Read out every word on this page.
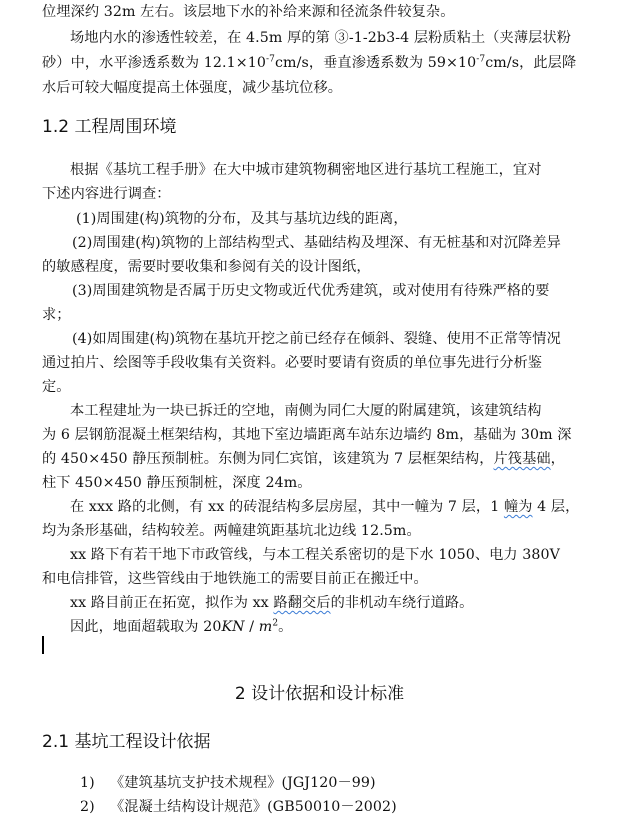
位埋深约 32m 左右。该层地下水的补给来源和径流条件较复杂。
场地内水的渗透性较差，在 4.5m 厚的第 ③-1-2b3-4 层粉质粘土（夹薄层状粉
砂）中，水平渗透系数为 $12.1\times 10^{-7}cm/s$，垂直渗透系数为 $59\times 10^{-7}cm/s$，此层降
水后可较大幅度提高土体强度，减少基坑位移。
1.2 工程周围环境
根据《基坑工程手册》在大中城市建筑物稠密地区进行基坑工程施工，宜对
下述内容进行调查：
(1)周围建(构)筑物的分布，及其与基坑边线的距离，
(2)周围建(构)筑物的上部结构型式、基础结构及埋深、有无桩基和对沉降差异
的敏感程度，需要时要收集和参阅有关的设计图纸，
(3)周围建筑物是否属于历史文物或近代优秀建筑，或对使用有待殊严格的要
求；
(4)如周围建(构)筑物在基坑开挖之前已经存在倾斜、裂缝、使用不正常等情况
通过拍片、绘图等手段收集有关资料。必要时要请有资质的单位事先进行分析鉴
定。
本工程建址为一块已拆迁的空地，南侧为同仁大厦的附属建筑，该建筑结构
为 6 层钢筋混凝土框架结构，其地下室边墙距离车站东边墙约 8m，基础为 30m 深
的 450×450 静压预制桩。东侧为同仁宾馆，该建筑为 7 层框架结构，片筏基础，
柱下 450×450 静压预制桩，深度 24m。
在 xxx 路的北侧，有 xx 的砖混结构多层房屋，其中一幢为 7 层，1 幢为 4 层，
均为条形基础，结构较差。两幢建筑距基坑北边线 12.5m。
xx 路下有若干地下市政管线，与本工程关系密切的是下水 1050、电力 380V
和电信排管，这些管线由于地铁施工的需要目前正在搬迁中。
xx 路目前正在拓宽，拟作为 xx 路翻交后的非机动车绕行道路。
因此，地面超载取为 $20KN / m^2$。
2 设计依据和设计标准
2.1 基坑工程设计依据
1) 《建筑基坑支护技术规程》(JGJ120－99)
2) 《混凝土结构设计规范》(GB50010－2002)
